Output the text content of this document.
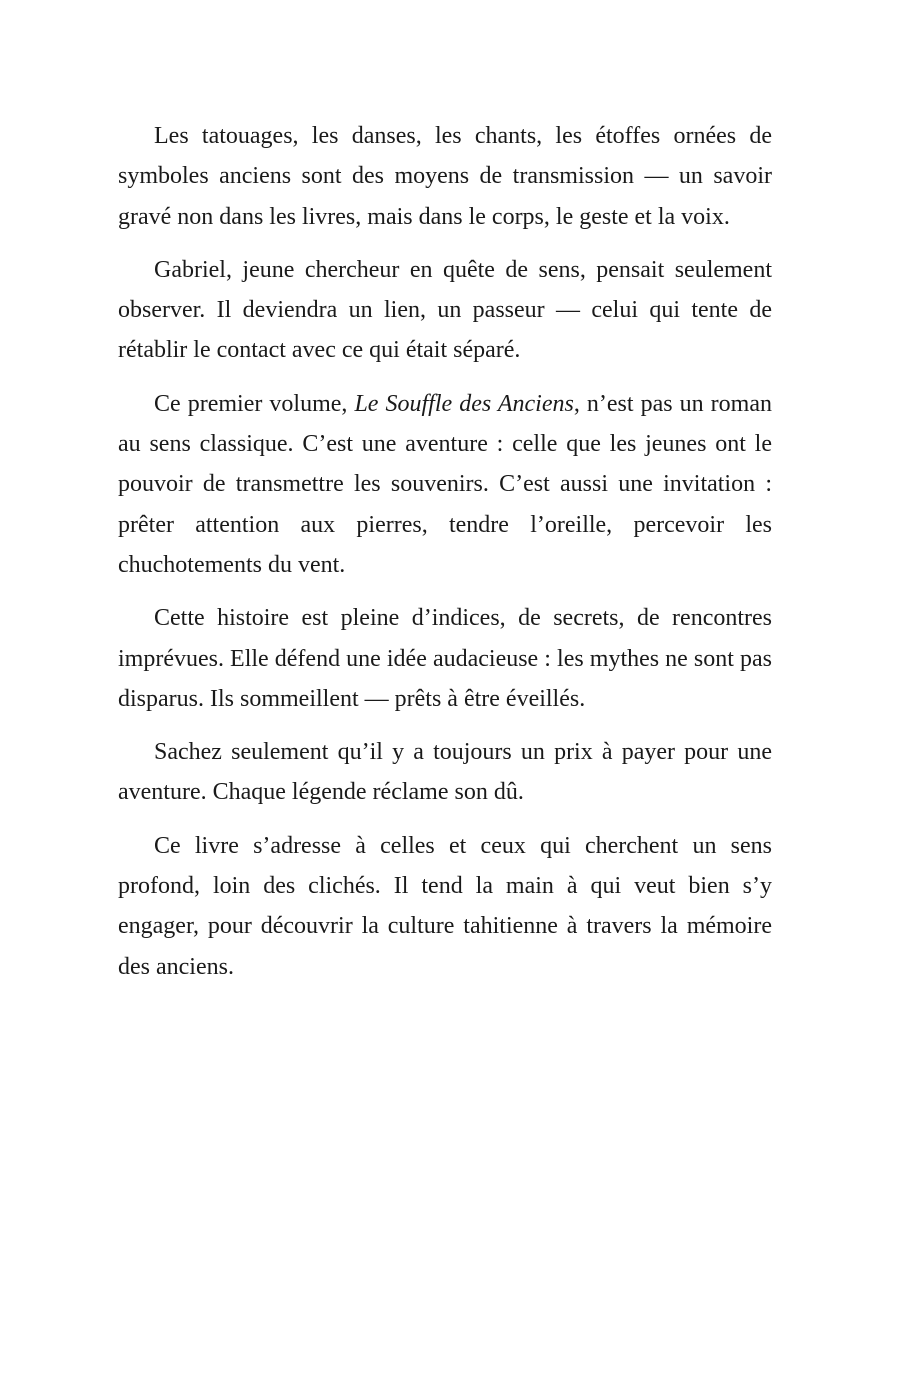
Les tatouages, les danses, les chants, les étoffes ornées de symboles anciens sont des moyens de transmission — un savoir gravé non dans les livres, mais dans le corps, le geste et la voix.

Gabriel, jeune chercheur en quête de sens, pensait seulement observer. Il deviendra un lien, un passeur — celui qui tente de rétablir le contact avec ce qui était séparé.

Ce premier volume, Le Souffle des Anciens, n’est pas un roman au sens classique. C’est une aventure : celle que les jeunes ont le pouvoir de transmettre les souvenirs. C’est aussi une invitation : prêter attention aux pierres, tendre l’oreille, percevoir les chuchotements du vent.

Cette histoire est pleine d’indices, de secrets, de rencontres imprévues. Elle défend une idée audacieuse : les mythes ne sont pas disparus. Ils sommeillent — prêts à être éveillés.

Sachez seulement qu’il y a toujours un prix à payer pour une aventure. Chaque légende réclame son dû.

Ce livre s’adresse à celles et ceux qui cherchent un sens profond, loin des clichés. Il tend la main à qui veut bien s’y engager, pour découvrir la culture tahitienne à travers la mémoire des anciens.
